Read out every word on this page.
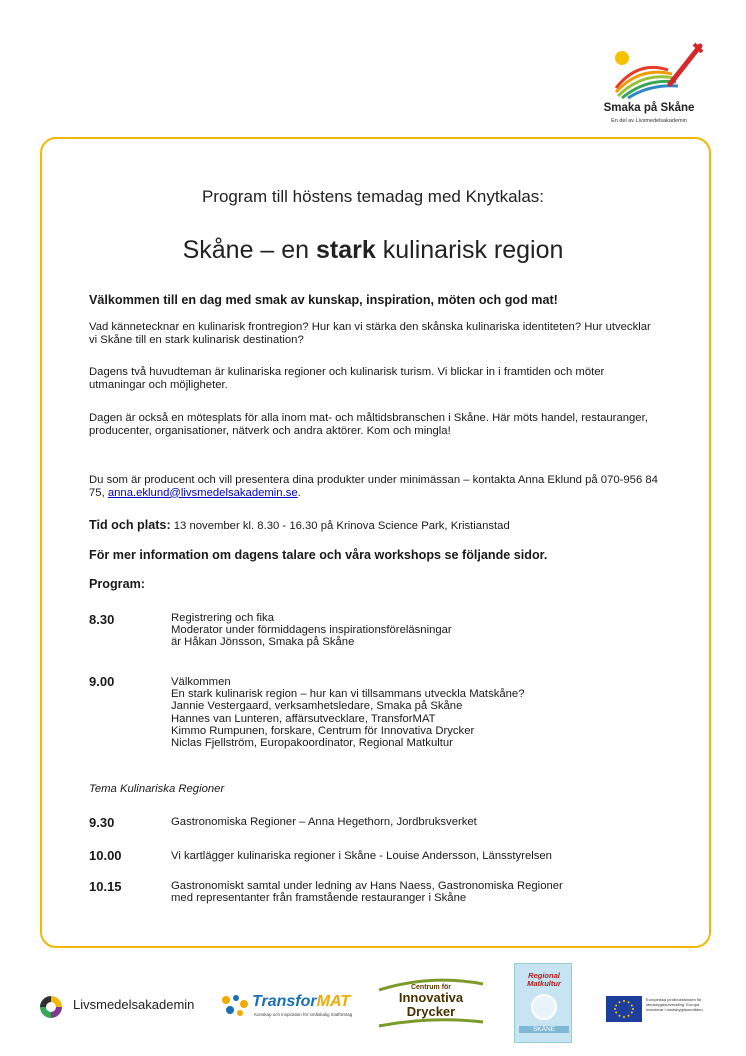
Smaka på Skåne
En del av Livsmedelsakademin
Program till höstens temadag med Knytkalas:
Skåne – en stark kulinarisk region
Välkommen till en dag med smak av kunskap, inspiration, möten och god mat!
Vad kännetecknar en kulinarisk frontregion? Hur kan vi stärka den skånska kulinariska identiteten? Hur utvecklar vi Skåne till en stark kulinarisk destination?
Dagens två huvudteman är kulinariska regioner och kulinarisk turism. Vi blickar in i framtiden och möter utmaningar och möjligheter.
Dagen är också en mötesplats för alla inom mat- och måltidsbranschen i Skåne. Här möts handel, restauranger, producenter, organisationer, nätverk och andra aktörer. Kom och mingla!
Du som är producent och vill presentera dina produkter under minimässan – kontakta Anna Eklund på 070-956 84 75, anna.eklund@livsmedelsakademin.se.
Tid och plats: 13 november kl. 8.30 - 16.30 på Krinova Science Park, Kristianstad
För mer information om dagens talare och våra workshops se följande sidor.
Program:
8.30	Registrering och fika
Moderator under förmiddagens inspirationsföreläsningar
är Håkan Jönsson, Smaka på Skåne
9.00	Välkommen
En stark kulinarisk region – hur kan vi tillsammans utveckla Matskåne?
Jannie Vestergaard, verksamhetsledare, Smaka på Skåne
Hannes van Lunteren, affärsutvecklare, TransforMAT
Kimmo Rumpunen, forskare, Centrum för Innovativa Drycker
Niclas Fjellström, Europakoordinator, Regional Matkultur
Tema Kulinariska Regioner
9.30	Gastronomiska Regioner – Anna Hegethorn, Jordbruksverket
10.00	Vi kartlägger kulinariska regioner i Skåne - Louise Andersson, Länsstyrelsen
10.15	Gastronomiskt samtal under ledning av Hans Naess, Gastronomiska Regioner
med representanter från framstående restauranger i Skåne
Livsmedelsakademin	TransforMAT
Kunskap och inspiration för småskalig matföretag
Centrum för
Innovativa
Drycker
Regional Matkultur
SKÅNE
Europeiska jordbruksfonden för landsbygdsutveckling: Europa investerar i landsbygdsområden
